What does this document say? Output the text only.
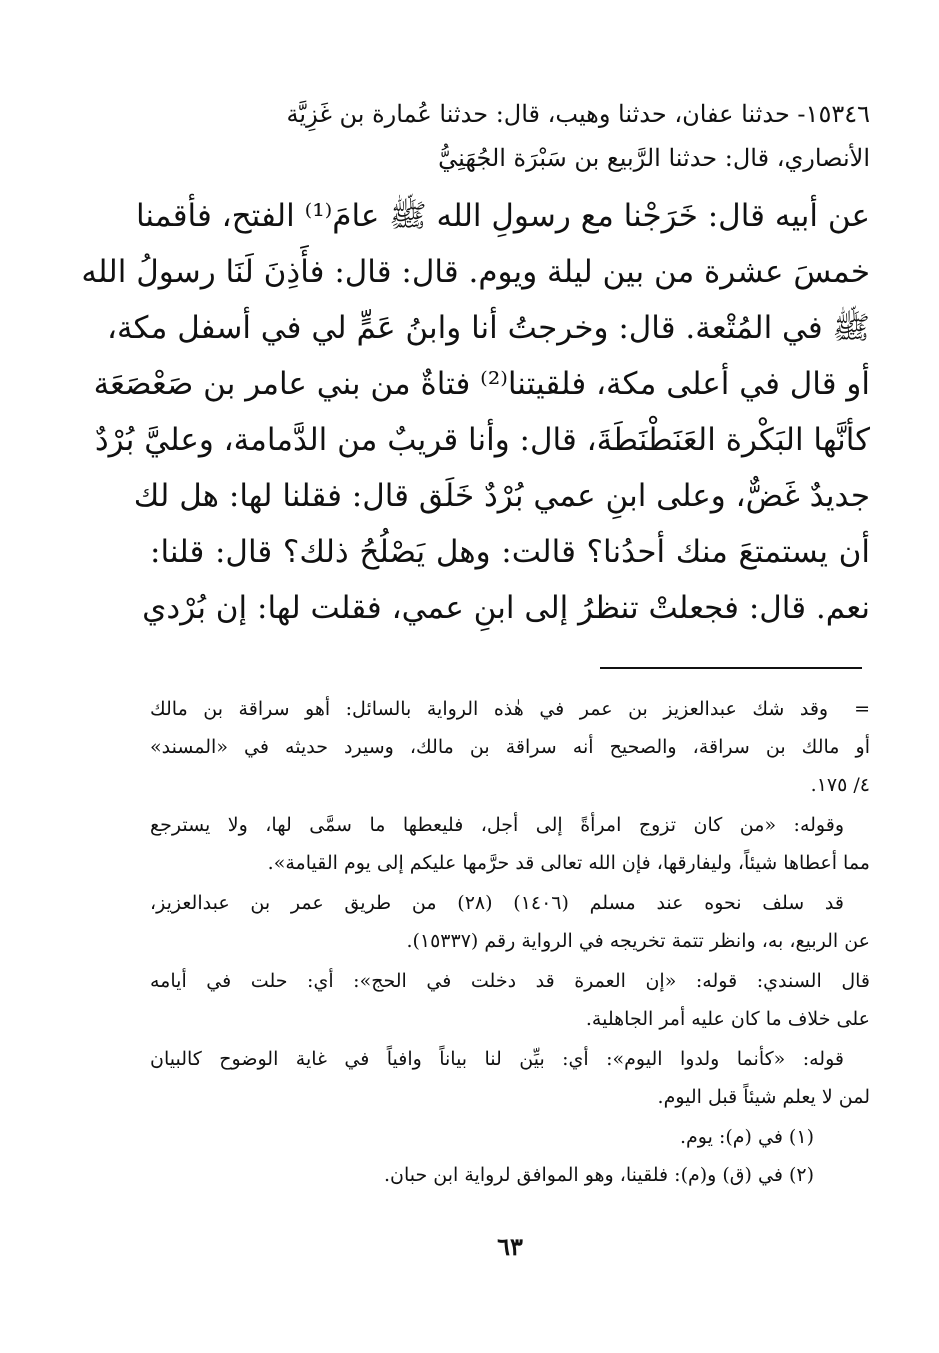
١٥٣٤٦- حدثنا عفان، حدثنا وهيب، قال: حدثنا عُمارة بن غَزِيَّة
الأنصاري، قال: حدثنا الرَّبيع بن سَبْرَة الجُهَنِيُّ
عن أبيه قال: خَرَجْنا مع رسولِ الله ﷺ عامَ⁽¹⁾ الفتح، فأقمنا
خمسَ عشرة من بين ليلة ويوم. قال: قال: فأَذِنَ لَنَا رسولُ الله
ﷺ في المُتْعة. قال: وخرجتُ أنا وابنُ عَمٍّ لي في أسفل مكة،
أو قال في أعلى مكة، فلقيتنا⁽²⁾ فتاةٌ من بني عامر بن صَعْصَعَة
كأنَّها البَكْرة العَنَطْنَطَةَ، قال: وأنا قريبٌ من الدَّمامة، وعليَّ بُرْدٌ
جديدٌ غَضٌّ، وعلى ابنِ عمي بُرْدٌ خَلَق قال: فقلنا لها: هل لك
أن يستمتعَ منك أحدُنا؟ قالت: وهل يَصْلُحُ ذلك؟ قال: قلنا:
نعم. قال: فجعلتْ تنظرُ إلى ابنِ عمي، فقلت لها: إن بُرْدي
=وقد شك عبدالعزيز بن عمر في هٰذه الرواية بالسائل: أهو سراقة بن مالك
أو مالك بن سراقة، والصحيح أنه سراقة بن مالك، وسيرد حديثه في «المسند»
٤/ ١٧٥.
وقوله: «من كان تزوج امرأةً إلى أجل، فليعطها ما سمَّى لها، ولا يسترجع
مما أعطاها شيئاً، وليفارقها، فإن الله تعالى قد حرَّمها عليكم إلى يوم القيامة».
قد سلف نحوه عند مسلم (١٤٠٦) (٢٨) من طريق عمر بن عبدالعزيز،
عن الربيع، به، وانظر تتمة تخريجه في الرواية رقم (١٥٣٣٧).
قال السندي: قوله: «إن العمرة قد دخلت في الحج»: أي: حلت في أيامه
على خلاف ما كان عليه أمر الجاهلية.
قوله: «كأنما ولدوا اليوم»: أي: بيِّن لنا بياناً وافياً في غاية الوضوح كالبيان
لمن لا يعلم شيئاً قبل اليوم.
(١) في (م): يوم.
(٢) في (ق) و(م): فلقينا، وهو الموافق لرواية ابن حبان.
٦٣
